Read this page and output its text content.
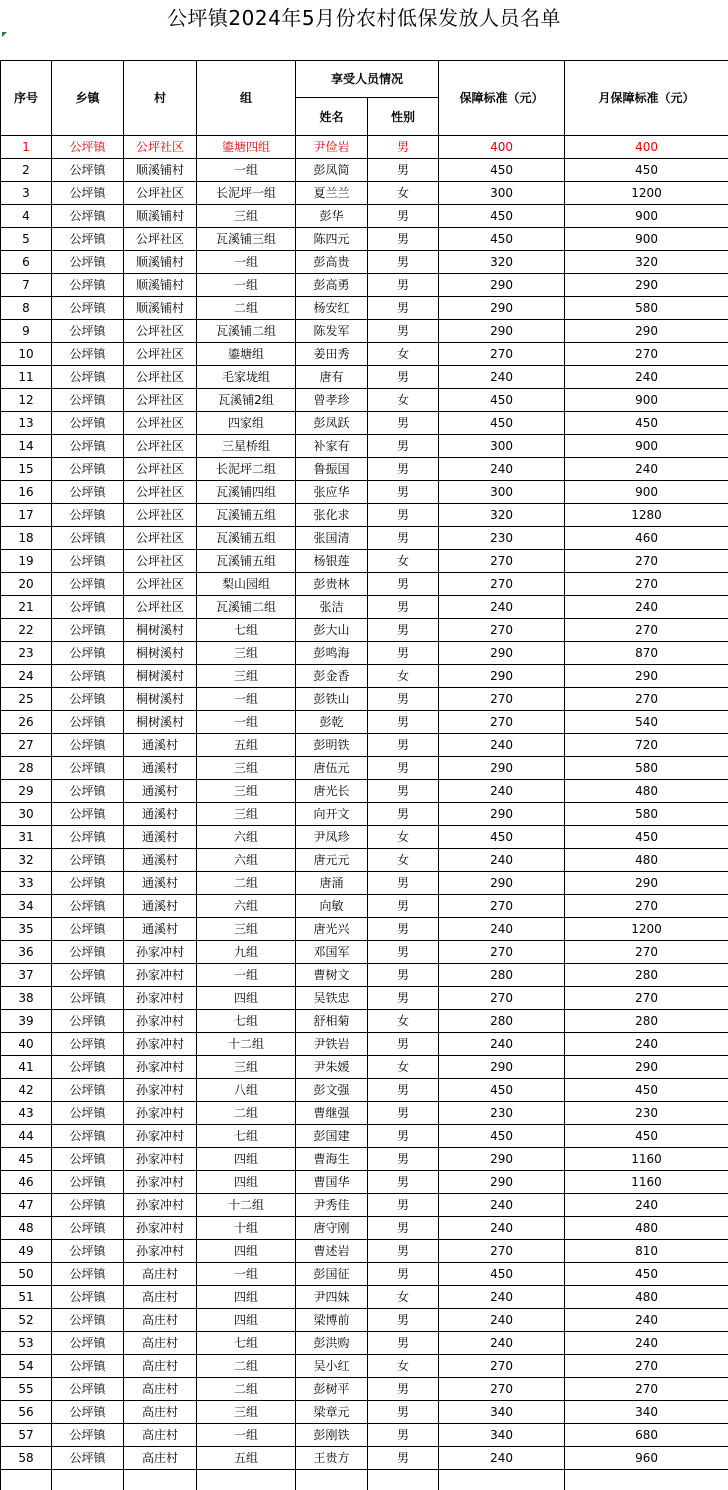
公坪镇2024年5月份农村低保发放人员名单
序号	乡镇	村	组	享受人员情况		保障标准（元）	月保障标准（元）
				姓名	性别		
1	公坪镇	公坪社区	鎏塘四组	尹俭岩	男	400	400
2	公坪镇	顺溪铺村	一组	彭凤简	男	450	450
3	公坪镇	公坪社区	长泥坪一组	夏兰兰	女	300	1200
4	公坪镇	顺溪铺村	三组	彭华	男	450	900
5	公坪镇	公坪社区	瓦溪铺三组	陈四元	男	450	900
6	公坪镇	顺溪铺村	一组	彭高贵	男	320	320
7	公坪镇	顺溪铺村	一组	彭高勇	男	290	290
8	公坪镇	顺溪铺村	二组	杨安红	男	290	580
9	公坪镇	公坪社区	瓦溪铺二组	陈发军	男	290	290
10	公坪镇	公坪社区	鎏塘组	姜田秀	女	270	270
11	公坪镇	公坪社区	毛家垅组	唐有	男	240	240
12	公坪镇	公坪社区	瓦溪铺2组	曾孝珍	女	450	900
13	公坪镇	公坪社区	四家组	彭凤跃	男	450	450
14	公坪镇	公坪社区	三星桥组	补家有	男	300	900
15	公坪镇	公坪社区	长泥坪二组	鲁振国	男	240	240
16	公坪镇	公坪社区	瓦溪铺四组	张应华	男	300	900
17	公坪镇	公坪社区	瓦溪铺五组	张化求	男	320	1280
18	公坪镇	公坪社区	瓦溪铺五组	张国清	男	230	460
19	公坪镇	公坪社区	瓦溪铺五组	杨银莲	女	270	270
20	公坪镇	公坪社区	梨山园组	彭贵林	男	270	270
21	公坪镇	公坪社区	瓦溪铺二组	张洁	男	240	240
22	公坪镇	桐树溪村	七组	彭大山	男	270	270
23	公坪镇	桐树溪村	三组	彭鸣海	男	290	870
24	公坪镇	桐树溪村	三组	彭金香	女	290	290
25	公坪镇	桐树溪村	一组	彭铁山	男	270	270
26	公坪镇	桐树溪村	一组	彭乾	男	270	540
27	公坪镇	通溪村	五组	彭明铁	男	240	720
28	公坪镇	通溪村	三组	唐伍元	男	290	580
29	公坪镇	通溪村	三组	唐光长	男	240	480
30	公坪镇	通溪村	三组	向开文	男	290	580
31	公坪镇	通溪村	六组	尹凤珍	女	450	450
32	公坪镇	通溪村	六组	唐元元	女	240	480
33	公坪镇	通溪村	二组	唐涌	男	290	290
34	公坪镇	通溪村	六组	向敏	男	270	270
35	公坪镇	通溪村	三组	唐光兴	男	240	1200
36	公坪镇	孙家冲村	九组	邓国军	男	270	270
37	公坪镇	孙家冲村	一组	曹树文	男	280	280
38	公坪镇	孙家冲村	四组	吴铁忠	男	270	270
39	公坪镇	孙家冲村	七组	舒相菊	女	280	280
40	公坪镇	孙家冲村	十二组	尹铁岩	男	240	240
41	公坪镇	孙家冲村	三组	尹朱媛	女	290	290
42	公坪镇	孙家冲村	八组	彭文强	男	450	450
43	公坪镇	孙家冲村	二组	曹继强	男	230	230
44	公坪镇	孙家冲村	七组	彭国建	男	450	450
45	公坪镇	孙家冲村	四组	曹海生	男	290	1160
46	公坪镇	孙家冲村	四组	曹国华	男	290	1160
47	公坪镇	孙家冲村	十二组	尹秀佳	男	240	240
48	公坪镇	孙家冲村	十组	唐守刚	男	240	480
49	公坪镇	孙家冲村	四组	曹述岩	男	270	810
50	公坪镇	高庄村	一组	彭国征	男	450	450
51	公坪镇	高庄村	四组	尹四妹	女	240	480
52	公坪镇	高庄村	四组	梁博前	男	240	240
53	公坪镇	高庄村	七组	彭洪购	男	240	240
54	公坪镇	高庄村	二组	吴小红	女	270	270
55	公坪镇	高庄村	二组	彭树平	男	270	270
56	公坪镇	高庄村	三组	梁章元	男	340	340
57	公坪镇	高庄村	一组	彭刚铁	男	340	680
58	公坪镇	高庄村	五组	王贵方	男	240	960
